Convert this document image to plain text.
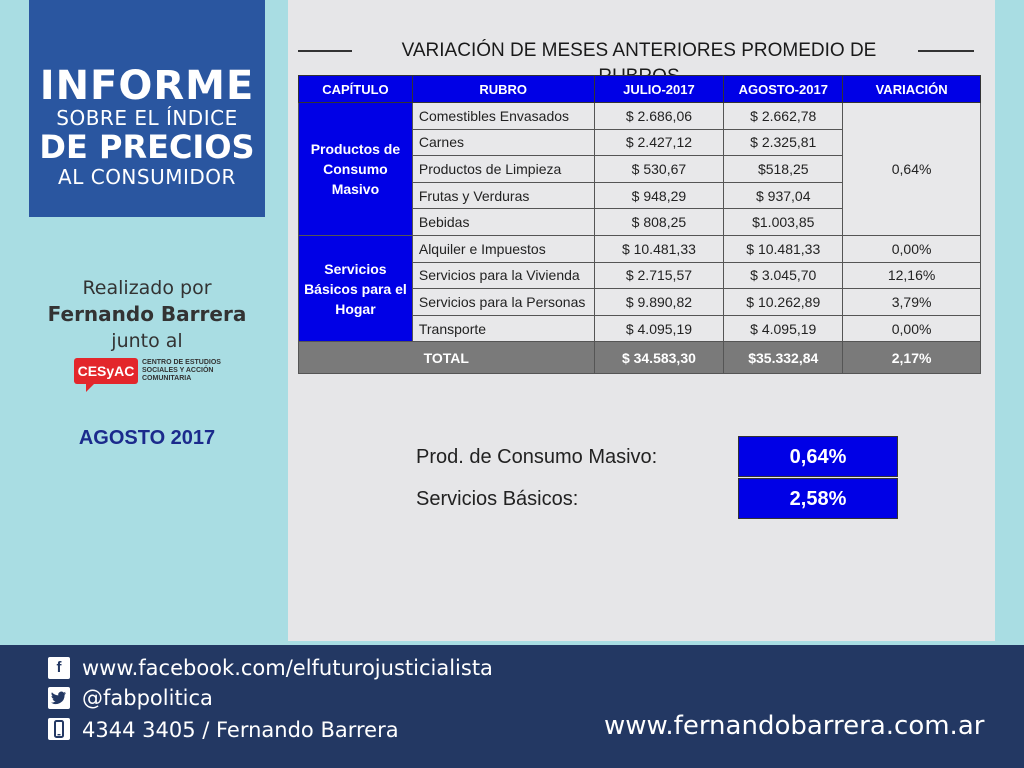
INFORME
SOBRE EL ÍNDICE
DE PRECIOS
AL CONSUMIDOR
Realizado por
Fernando Barrera
junto al
CESyAC
CENTRO DE ESTUDIOS SOCIALES Y ACCIÓN COMUNITARIA
AGOSTO 2017
VARIACIÓN DE MESES ANTERIORES PROMEDIO DE
CAPÍTULO	RUBRO	JULIO-2017	AGOSTO-2017	VARIACIÓN
Productos de Consumo Masivo	Comestibles Envasados	$ 2.686,06	$ 2.662,78	0,64%
	Carnes	$ 2.427,12	$ 2.325,81	
	Productos de Limpieza	$ 530,67	$518,25	
	Frutas y Verduras	$ 948,29	$ 937,04	
	Bebidas	$ 808,25	$1.003,85	
Servicios Básicos para el Hogar	Alquiler e Impuestos	$ 10.481,33	$ 10.481,33	0,00%
	Servicios para la Vivienda	$ 2.715,57	$ 3.045,70	12,16%
	Servicios para la Personas	$ 9.890,82	$ 10.262,89	3,79%
	Transporte	$ 4.095,19	$ 4.095,19	0,00%
TOTAL		$ 34.583,30	$35.332,84	2,17%
Prod. de Consumo Masivo:	0,64%
Servicios Básicos:	2,58%
f www.facebook.com/elfuturojusticialista
@fabpolitica
4344 3405 / Fernando Barrera	www.fernandobarrera.com.ar
